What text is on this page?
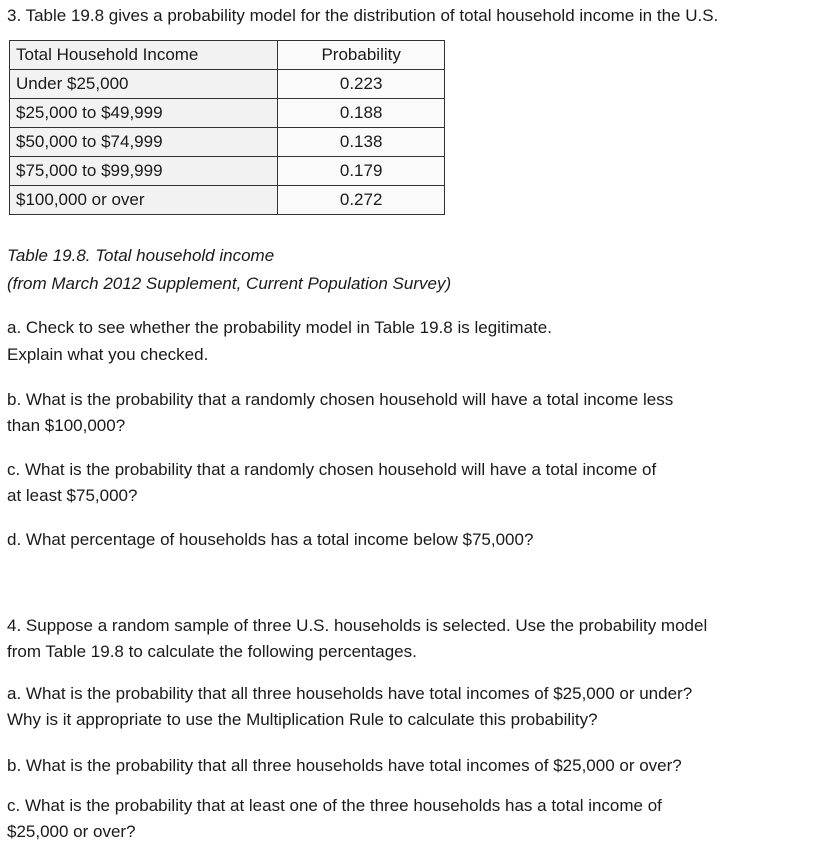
3. Table 19.8 gives a probability model for the distribution of total household income in the U.S.
Total Household Income	Probability
Under $25,000	0.223
$25,000 to $49,999	0.188
$50,000 to $74,999	0.138
$75,000 to $99,999	0.179
$100,000 or over	0.272
Table 19.8. Total household income
(from March 2012 Supplement, Current Population Survey)
a. Check to see whether the probability model in Table 19.8 is legitimate.
Explain what you checked.
b. What is the probability that a randomly chosen household will have a total income less
than $100,000?
c. What is the probability that a randomly chosen household will have a total income of
at least $75,000?
d. What percentage of households has a total income below $75,000?
4. Suppose a random sample of three U.S. households is selected. Use the probability model
from Table 19.8 to calculate the following percentages.
a. What is the probability that all three households have total incomes of $25,000 or under?
Why is it appropriate to use the Multiplication Rule to calculate this probability?
b. What is the probability that all three households have total incomes of $25,000 or over?
c. What is the probability that at least one of the three households has a total income of
$25,000 or over?
